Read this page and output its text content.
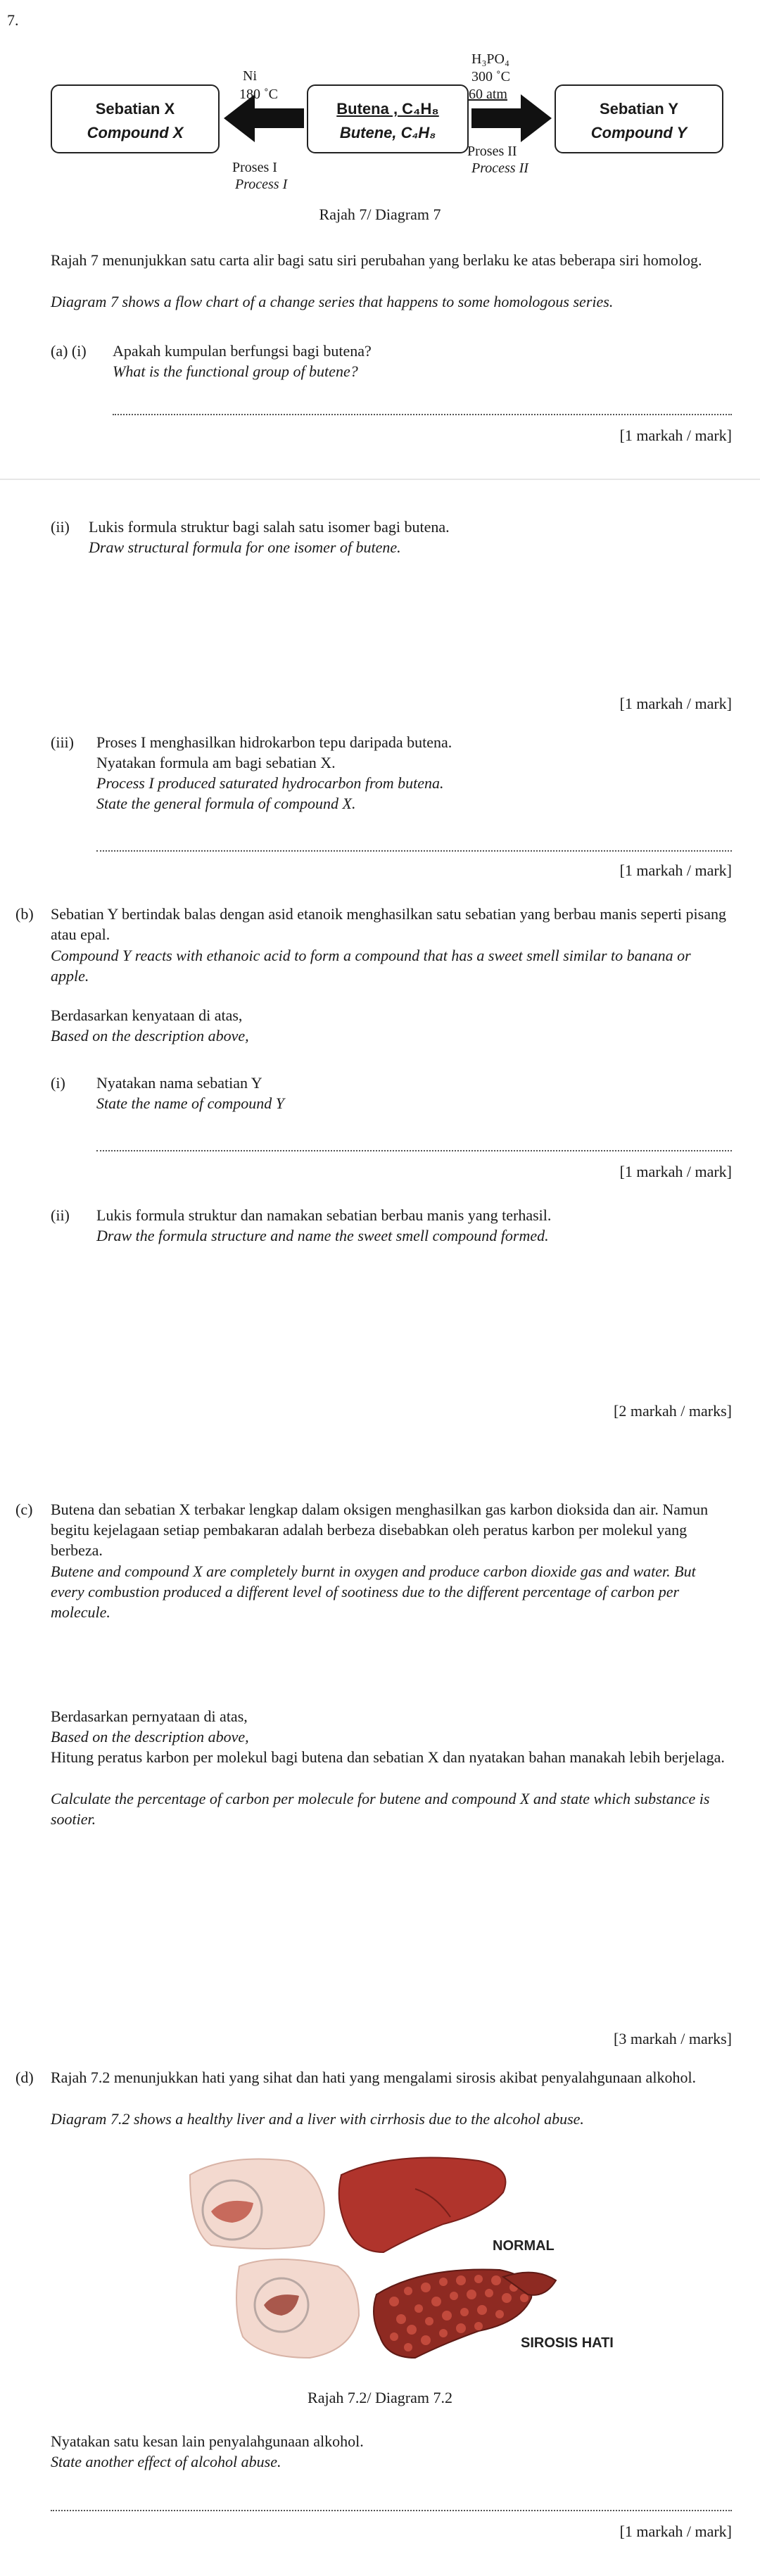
7.
Sebatian X
Compound X
Butena , C₄H₈
Butene, C₄H₈
Sebatian Y
Compound Y
Ni
180 ˚C
Proses I
Process I
H₃PO₄
300 ˚C
60 atm
Proses II
Process II
Rajah 7/ Diagram 7
Rajah 7 menunjukkan satu carta alir bagi satu siri perubahan yang berlaku ke atas beberapa siri homolog.
Diagram 7 shows a flow chart of a change series that happens to some homologous series.
(a) (i) Apakah kumpulan berfungsi bagi butena?
What is the functional group of butene?
[1 markah / mark]
(ii) Lukis formula struktur bagi salah satu isomer bagi butena.
Draw structural formula for one isomer of butene.
[1 markah / mark]
(iii) Proses I menghasilkan hidrokarbon tepu daripada butena.
Nyatakan formula am bagi sebatian X.
Process I produced saturated hydrocarbon from butena.
State the general formula of compound X.
[1 markah / mark]
(b) Sebatian Y bertindak balas dengan asid etanoik menghasilkan satu sebatian yang berbau manis seperti pisang atau epal.
Compound Y reacts with ethanoic acid to form a compound that has a sweet smell similar to banana or apple.
Berdasarkan kenyataan di atas,
Based on the description above,
(i) Nyatakan nama sebatian Y
State the name of compound Y
[1 markah / mark]
(ii) Lukis formula struktur dan namakan sebatian berbau manis yang terhasil.
Draw the formula structure and name the sweet smell compound formed.
[2 markah / marks]
(c) Butena dan sebatian X terbakar lengkap dalam oksigen menghasilkan gas karbon dioksida dan air. Namun begitu kejelagaan setiap pembakaran adalah berbeza disebabkan oleh peratus karbon per molekul yang berbeza.
Butene and compound X are completely burnt in oxygen and produce carbon dioxide gas and water. But every combustion produced a different level of sootiness due to the different percentage of carbon per molecule.
Berdasarkan pernyataan di atas,
Based on the description above,
Hitung peratus karbon per molekul bagi butena dan sebatian X dan nyatakan bahan manakah lebih berjelaga.
Calculate the percentage of carbon per molecule for butene and compound X and state which substance is sootier.
[3 markah / marks]
(d) Rajah 7.2 menunjukkan hati yang sihat dan hati yang mengalami sirosis akibat penyalahgunaan alkohol.
Diagram 7.2 shows a healthy liver and a liver with cirrhosis due to the alcohol abuse.
NORMAL
SIROSIS HATI
Rajah 7.2/ Diagram 7.2
Nyatakan satu kesan lain penyalahgunaan alkohol.
State another effect of alcohol abuse.
[1 markah / mark]
